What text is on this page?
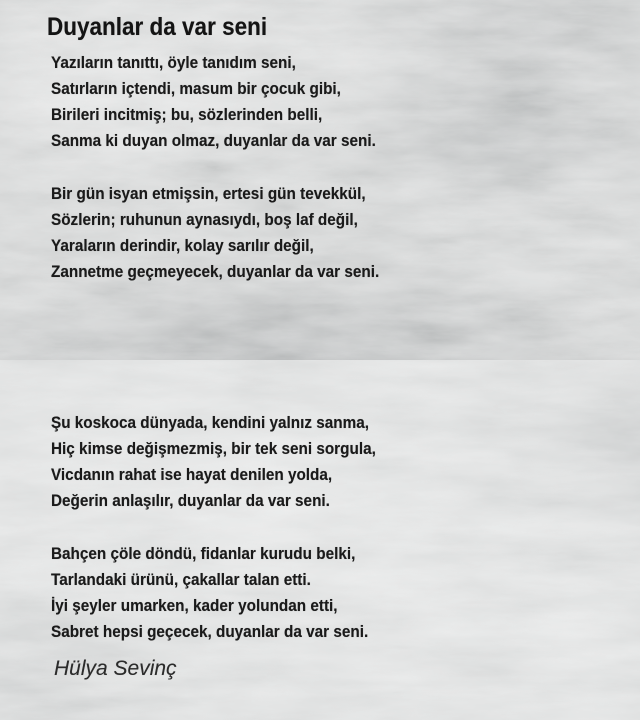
Duyanlar da var seni
Yazıların tanıttı, öyle tanıdım seni,
Satırların içtendi, masum bir çocuk gibi,
Birileri incitmiş; bu, sözlerinden belli,
Sanma ki duyan olmaz, duyanlar da var seni.
Bir gün isyan etmişsin, ertesi gün tevekkül,
Sözlerin; ruhunun aynasıydı, boş laf değil,
Yaraların derindir, kolay sarılır değil,
Zannetme geçmeyecek, duyanlar da var seni.
Şu koskoca dünyada, kendini yalnız sanma,
Hiç kimse değişmezmiş, bir tek seni sorgula,
Vicdanın rahat ise hayat denilen yolda,
Değerin anlaşılır, duyanlar da var seni.
Bahçen çöle döndü, fidanlar kurudu belki,
Tarlandaki ürünü, çakallar talan etti.
İyi şeyler umarken, kader yolundan etti,
Sabret hepsi geçecek, duyanlar da var seni.
Hülya Sevinç
